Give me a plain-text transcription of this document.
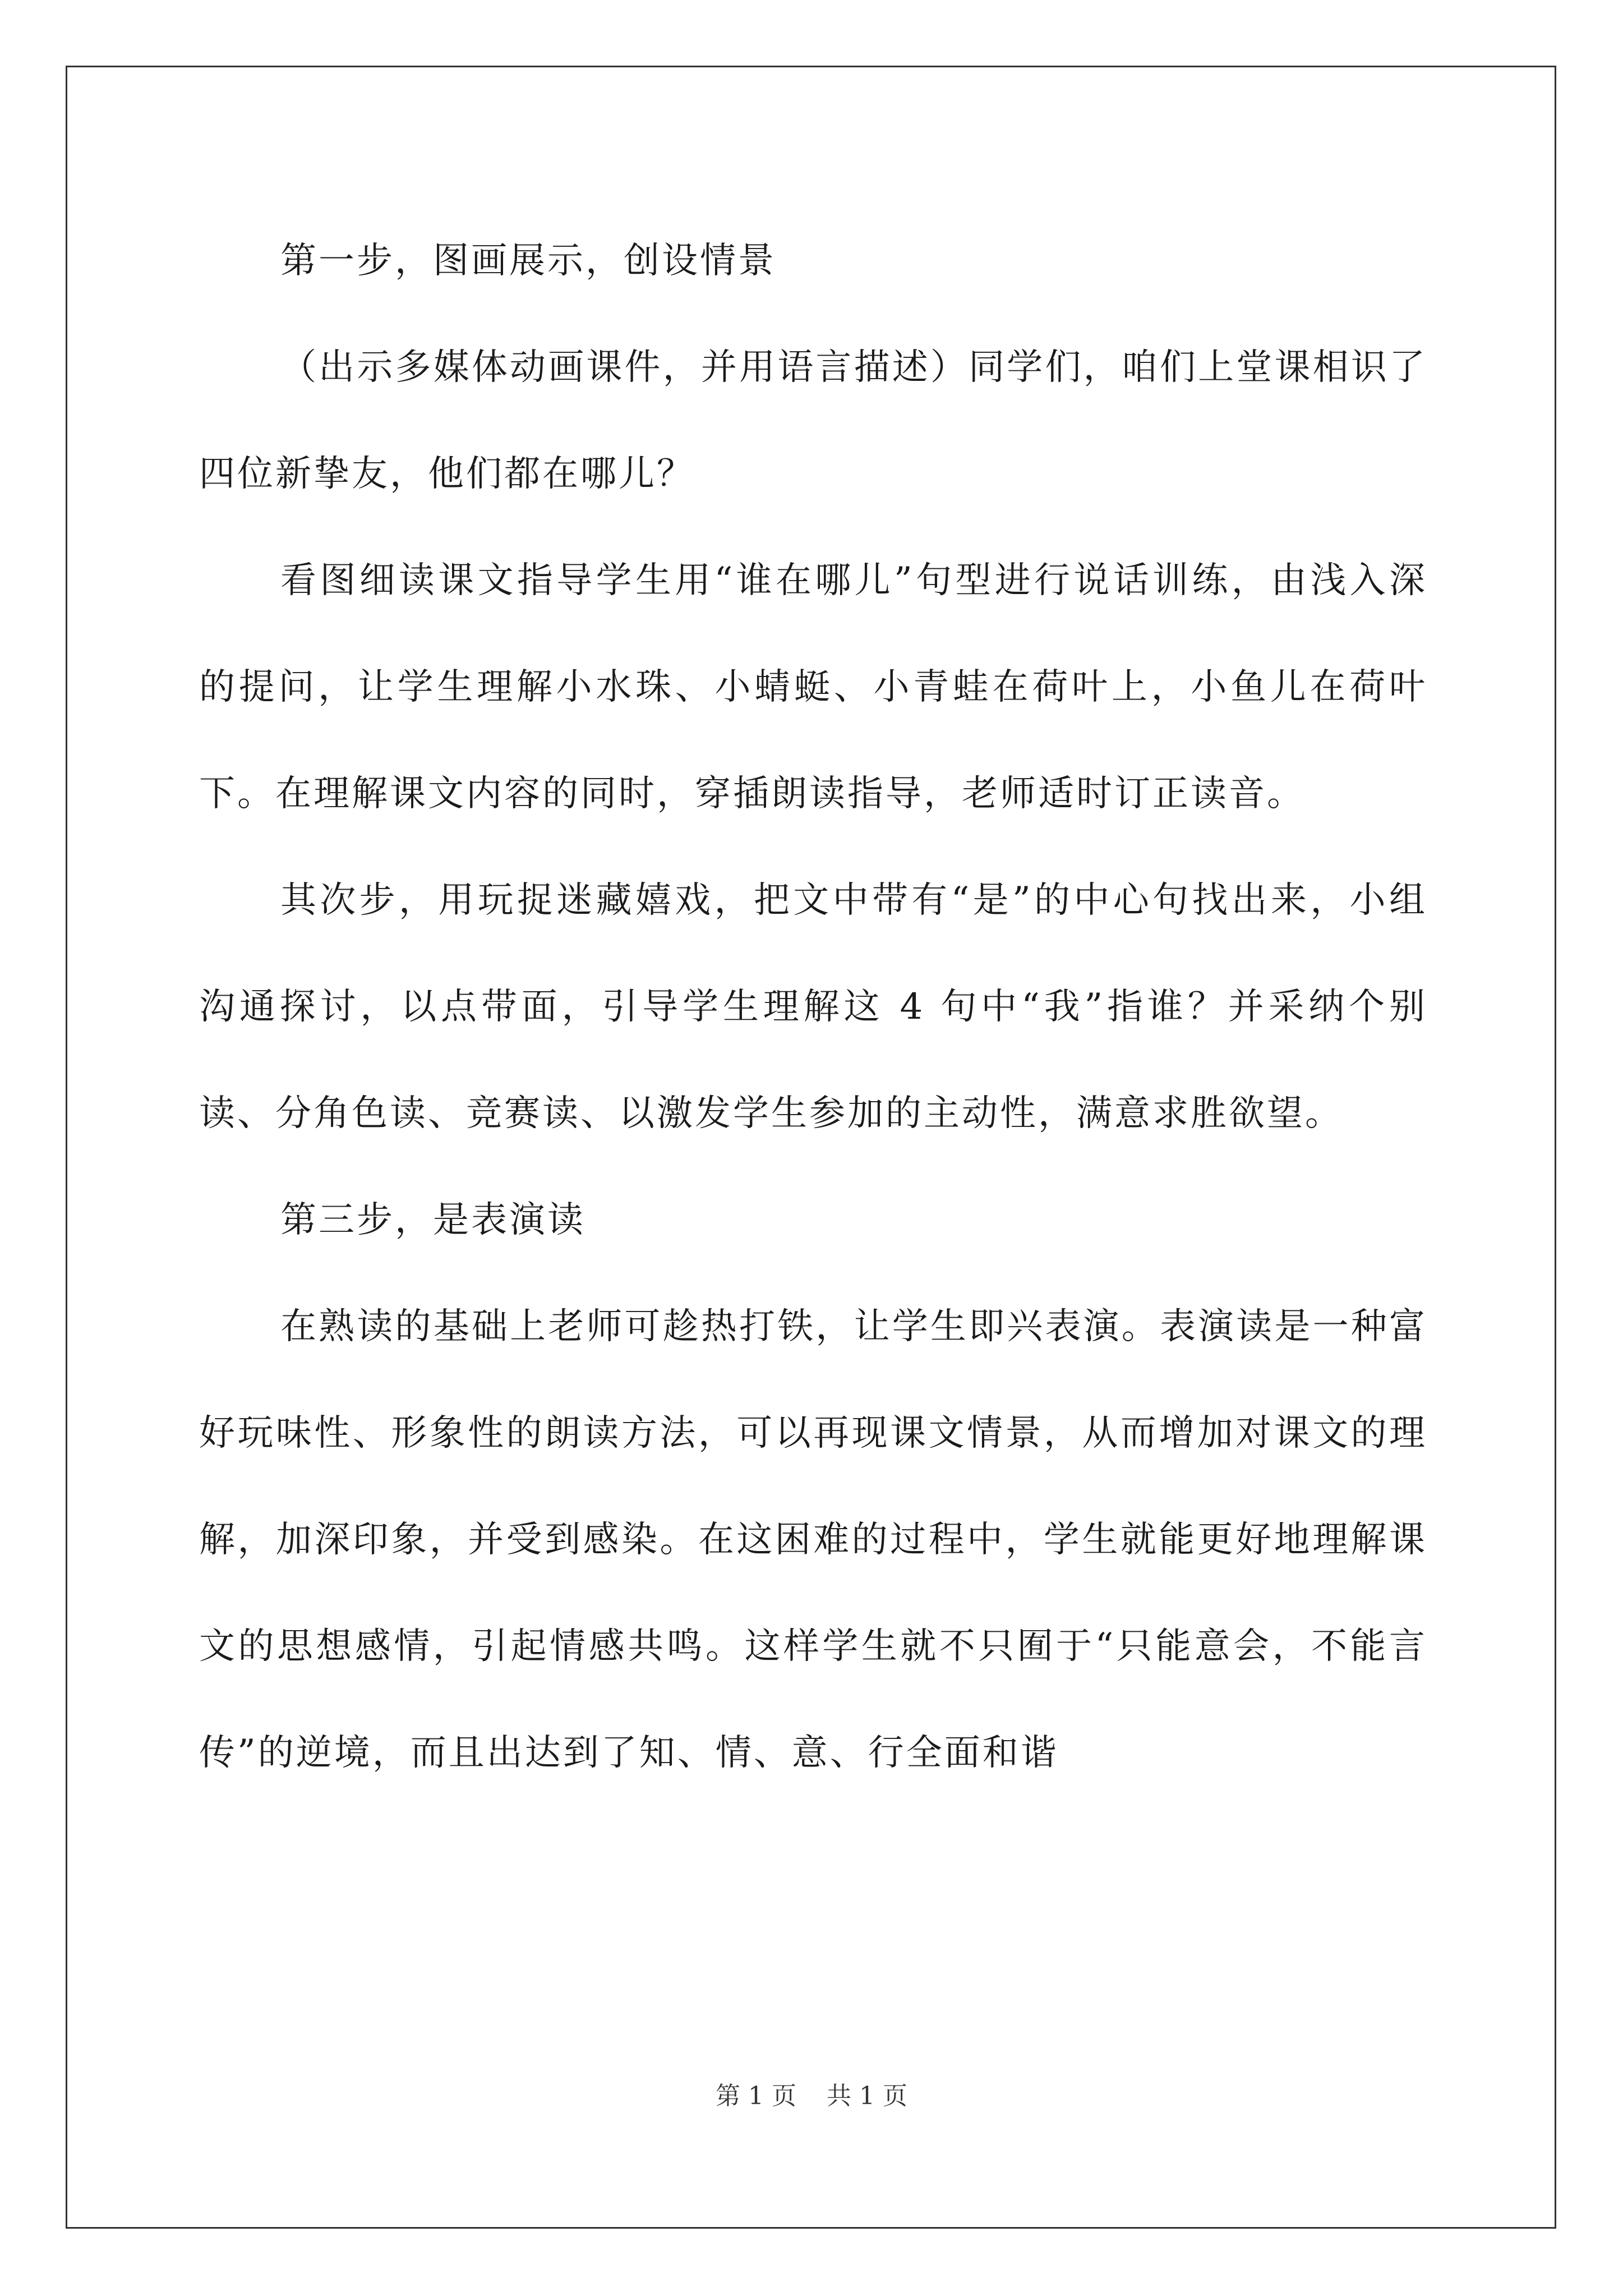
第一步，图画展示，创设情景

（出示多媒体动画课件，并用语言描述）同学们，咱们上堂课相识了四位新挚友，他们都在哪儿？

看图细读课文指导学生用“谁在哪儿”句型进行说话训练，由浅入深的提问，让学生理解小水珠、小蜻蜓、小青蛙在荷叶上，小鱼儿在荷叶下。在理解课文内容的同时，穿插朗读指导，老师适时订正读音。

其次步，用玩捉迷藏嬉戏，把文中带有“是”的中心句找出来，小组沟通探讨，以点带面，引导学生理解这 4 句中“我”指谁？并采纳个别读、分角色读、竞赛读、以激发学生参加的主动性，满意求胜欲望。

第三步，是表演读

在熟读的基础上老师可趁热打铁，让学生即兴表演。表演读是一种富好玩味性、形象性的朗读方法，可以再现课文情景，从而增加对课文的理解，加深印象，并受到感染。在这困难的过程中，学生就能更好地理解课文的思想感情，引起情感共鸣。这样学生就不只囿于“只能意会，不能言传”的逆境，而且出达到了知、情、意、行全面和谐

第 1 页 共 1 页
